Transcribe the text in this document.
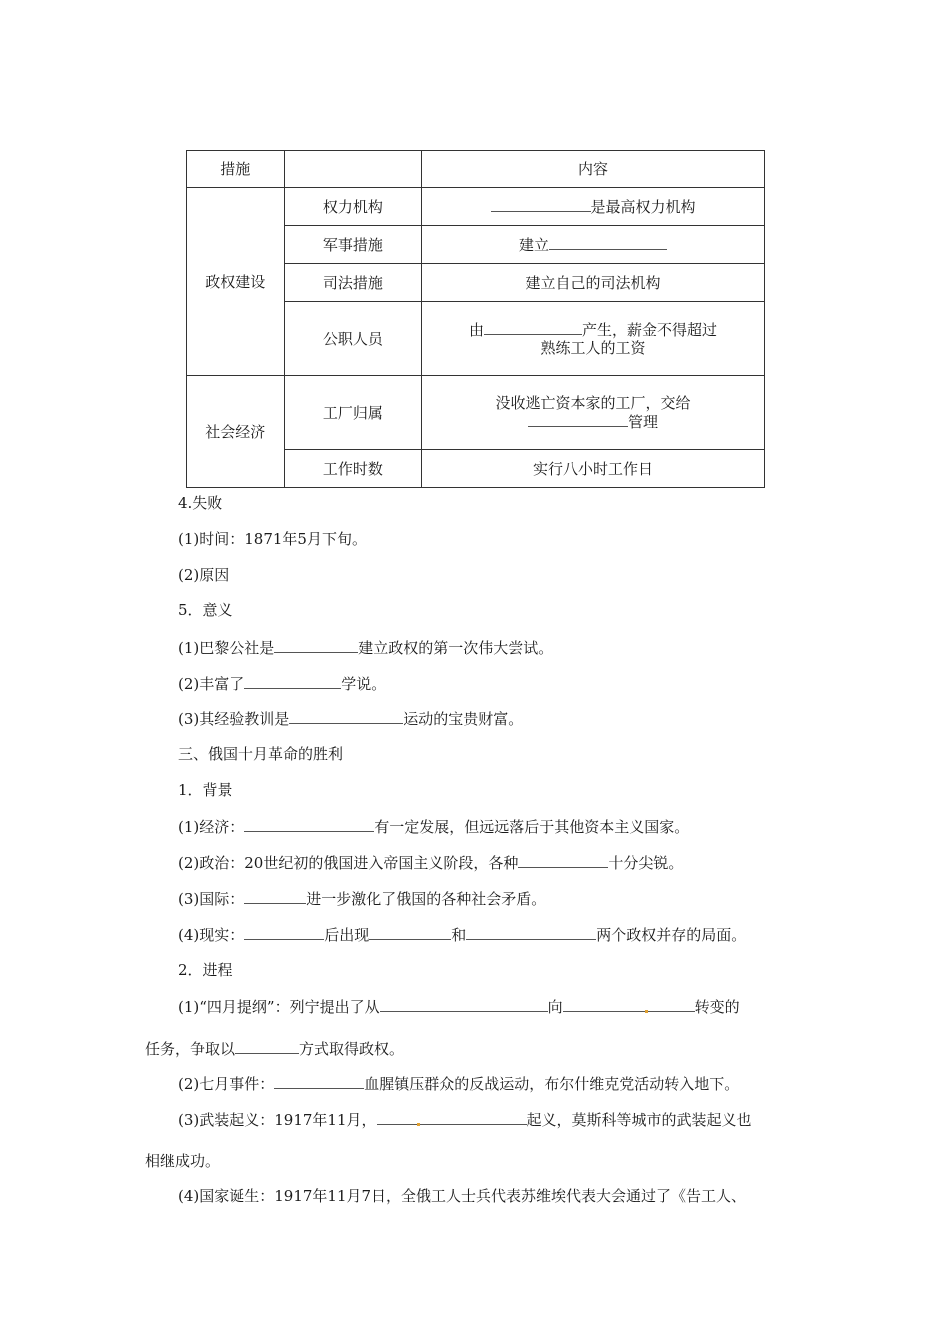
措施		内容
政权建设	权力机构	是最高权力机构
	军事措施	建立
	司法措施	建立自己的司法机构
	公职人员	由 产生，薪金不得超过
熟练工人的工资
社会经济	工厂归属	没收逃亡资本家的工厂，交给
管理
	工作时数	实行八小时工作日
4.失败
(1)时间：1871年5月下旬。
(2)原因
5．意义
(1)巴黎公社是	建立政权的第一次伟大尝试。
(2)丰富了	学说。
(3)其经验教训是	运动的宝贵财富。
三、俄国十月革命的胜利
1．背景
(1)经济：	有一定发展，但远远落后于其他资本主义国家。
(2)政治：20世纪初的俄国进入帝国主义阶段，各种	十分尖锐。
(3)国际：	进一步激化了俄国的各种社会矛盾。
(4)现实：	后出现	和	两个政权并存的局面。
2．进程
(1)“四月提纲”：列宁提出了从	向	转变的
任务，争取以	方式取得政权。
(2)七月事件：	血腥镇压群众的反战运动，布尔什维克党活动转入地下。
(3)武装起义：1917年11月，	起义，莫斯科等城市的武装起义也
相继成功。
(4)国家诞生：1917年11月7日，全俄工人士兵代表苏维埃代表大会通过了《告工人、
